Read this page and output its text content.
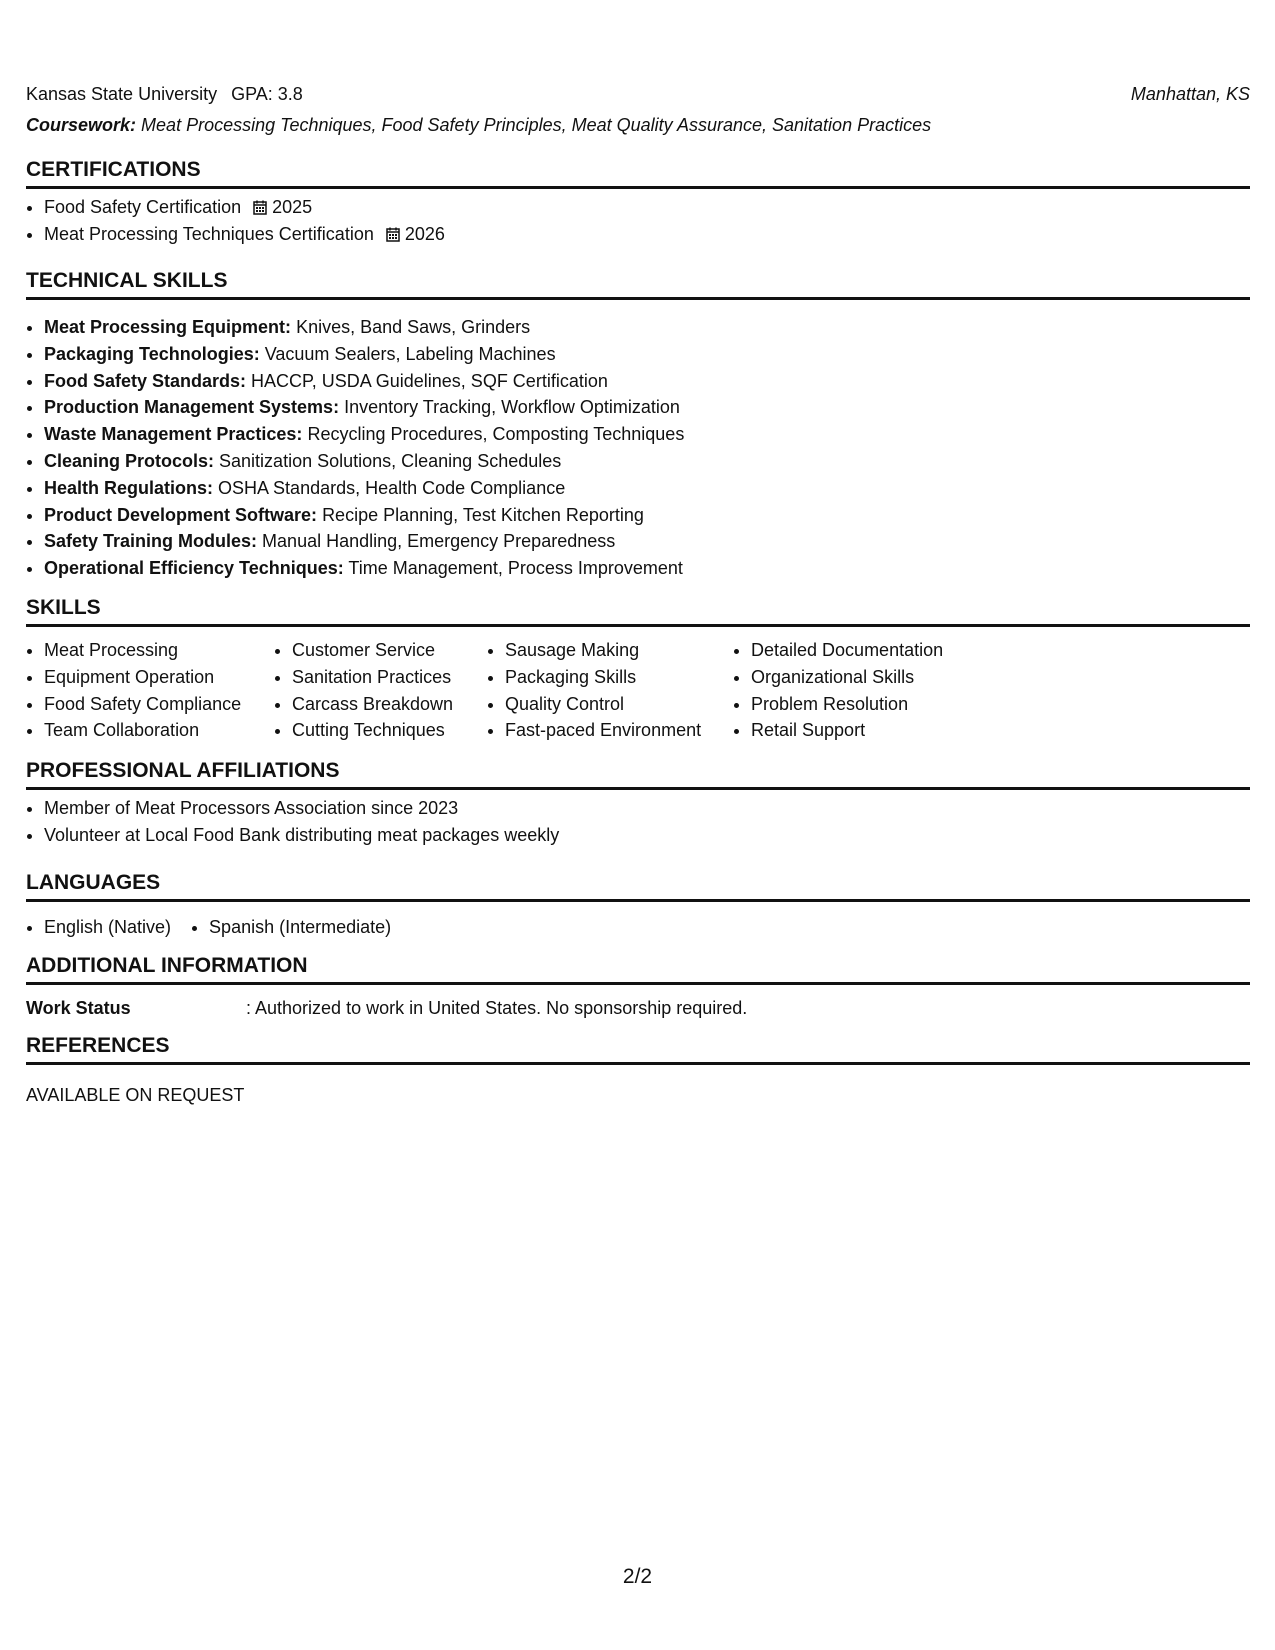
Kansas State University GPA: 3.8	Manhattan, KS
Coursework: Meat Processing Techniques, Food Safety Principles, Meat Quality Assurance, Sanitation Practices
CERTIFICATIONS
• Food Safety Certification 2025
• Meat Processing Techniques Certification 2026
TECHNICAL SKILLS
• Meat Processing Equipment: Knives, Band Saws, Grinders
• Packaging Technologies: Vacuum Sealers, Labeling Machines
• Food Safety Standards: HACCP, USDA Guidelines, SQF Certification
• Production Management Systems: Inventory Tracking, Workflow Optimization
• Waste Management Practices: Recycling Procedures, Composting Techniques
• Cleaning Protocols: Sanitization Solutions, Cleaning Schedules
• Health Regulations: OSHA Standards, Health Code Compliance
• Product Development Software: Recipe Planning, Test Kitchen Reporting
• Safety Training Modules: Manual Handling, Emergency Preparedness
• Operational Efficiency Techniques: Time Management, Process Improvement
SKILLS
• Meat Processing
• Equipment Operation
• Food Safety Compliance
• Team Collaboration
• Customer Service
• Sanitation Practices
• Carcass Breakdown
• Cutting Techniques
• Sausage Making
• Packaging Skills
• Quality Control
• Fast-paced Environment
• Detailed Documentation
• Organizational Skills
• Problem Resolution
• Retail Support
PROFESSIONAL AFFILIATIONS
• Member of Meat Processors Association since 2023
• Volunteer at Local Food Bank distributing meat packages weekly
LANGUAGES
• English (Native)
• Spanish (Intermediate)
ADDITIONAL INFORMATION
Work Status	: Authorized to work in United States. No sponsorship required.
REFERENCES
AVAILABLE ON REQUEST
2/2
